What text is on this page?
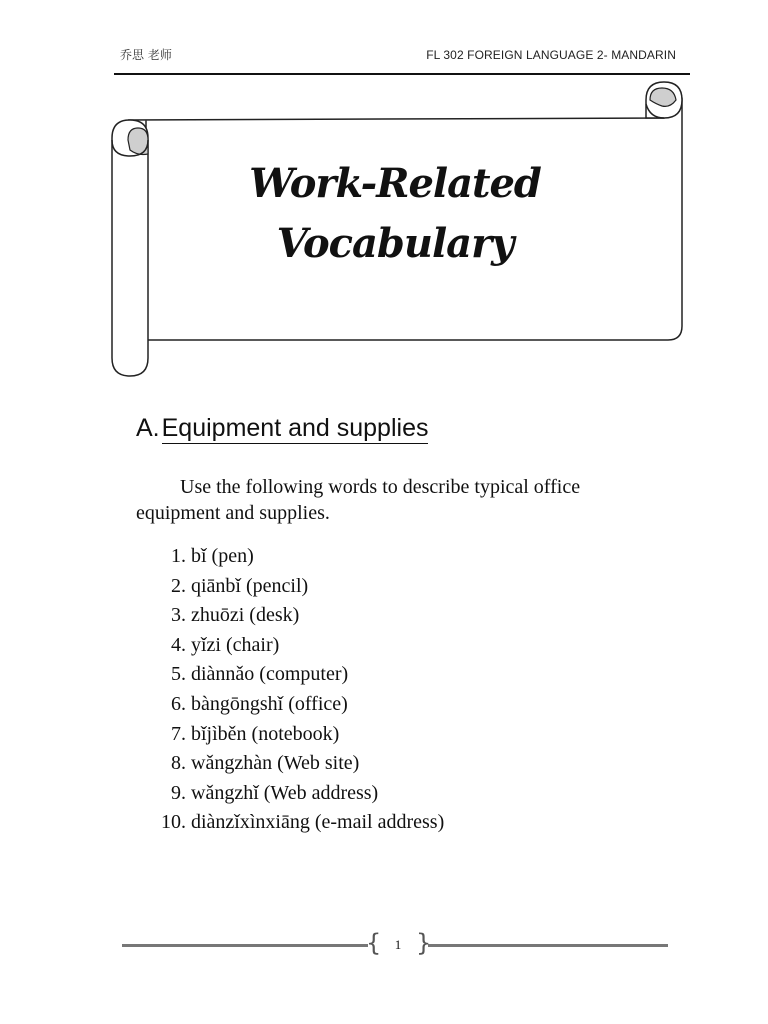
乔思 老师	FL 302 FOREIGN LANGUAGE 2- MANDARIN
Work-Related
Vocabulary
A.Equipment and supplies
Use the following words to describe typical office equipment and supplies.
1. bǐ (pen)
2. qiānbǐ (pencil)
3. zhuōzi (desk)
4. yǐzi (chair)
5. diànnǎo (computer)
6. bàngōngshǐ (office)
7. bǐjìběn (notebook)
8. wǎngzhàn (Web site)
9. wǎngzhǐ (Web address)
10. diànzǐxìnxiāng (e-mail address)
{	1 }
